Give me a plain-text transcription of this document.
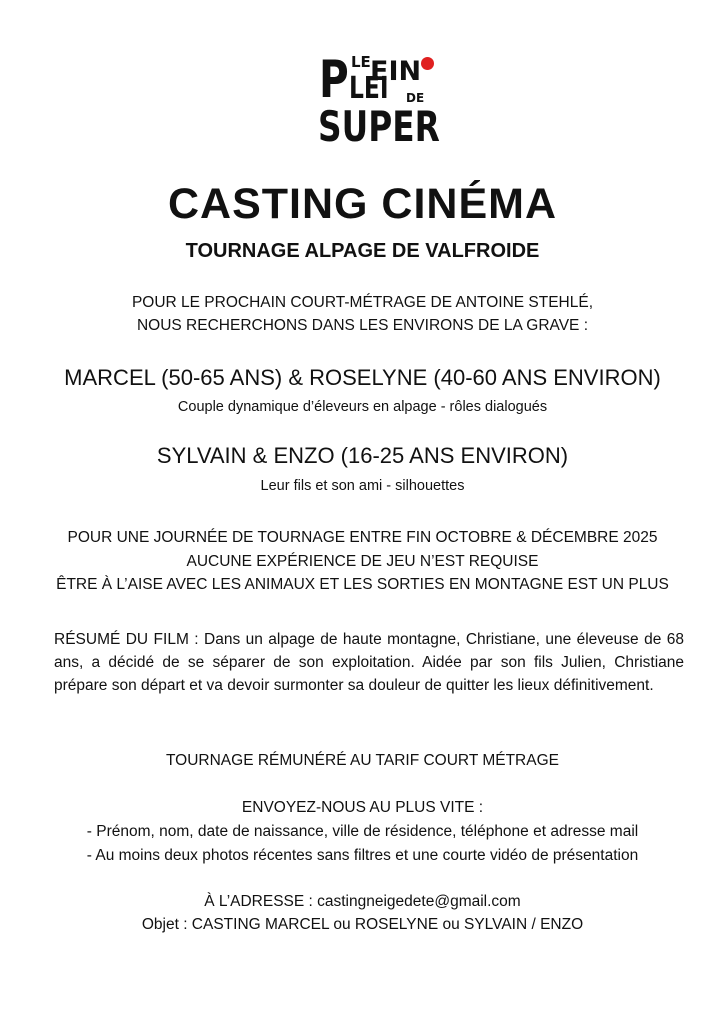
P LE EIN
LEI DE
SUPER
CASTING CINÉMA
TOURNAGE ALPAGE DE VALFROIDE

POUR LE PROCHAIN COURT-MÉTRAGE DE ANTOINE STEHLÉ,

NOUS RECHERCHONS DANS LES ENVIRONS DE LA GRAVE :

MARCEL (50-65 ANS) & ROSELYNE (40-60 ANS ENVIRON)

Couple dynamique d’éleveurs en alpage - rôles dialogués

SYLVAIN & ENZO (16-25 ANS ENVIRON)

Leur fils et son ami - silhouettes

POUR UNE JOURNÉE DE TOURNAGE ENTRE FIN OCTOBRE & DÉCEMBRE 2025

AUCUNE EXPÉRIENCE DE JEU N’EST REQUISE

ÊTRE À L’AISE AVEC LES ANIMAUX ET LES SORTIES EN MONTAGNE EST UN PLUS

RÉSUMÉ DU FILM : Dans un alpage de haute montagne, Christiane, une éleveuse de 68 ans, a décidé de se séparer de son exploitation. Aidée par son fils Julien, Christiane prépare son départ et va devoir surmonter sa douleur de quitter les lieux définitivement.

TOURNAGE RÉMUNÉRÉ AU TARIF COURT MÉTRAGE

ENVOYEZ-NOUS AU PLUS VITE :

- Prénom, nom, date de naissance, ville de résidence, téléphone et adresse mail

- Au moins deux photos récentes sans filtres et une courte vidéo de présentation

À L’ADRESSE : castingneigedete@gmail.com

Objet : CASTING MARCEL ou ROSELYNE ou SYLVAIN / ENZO
